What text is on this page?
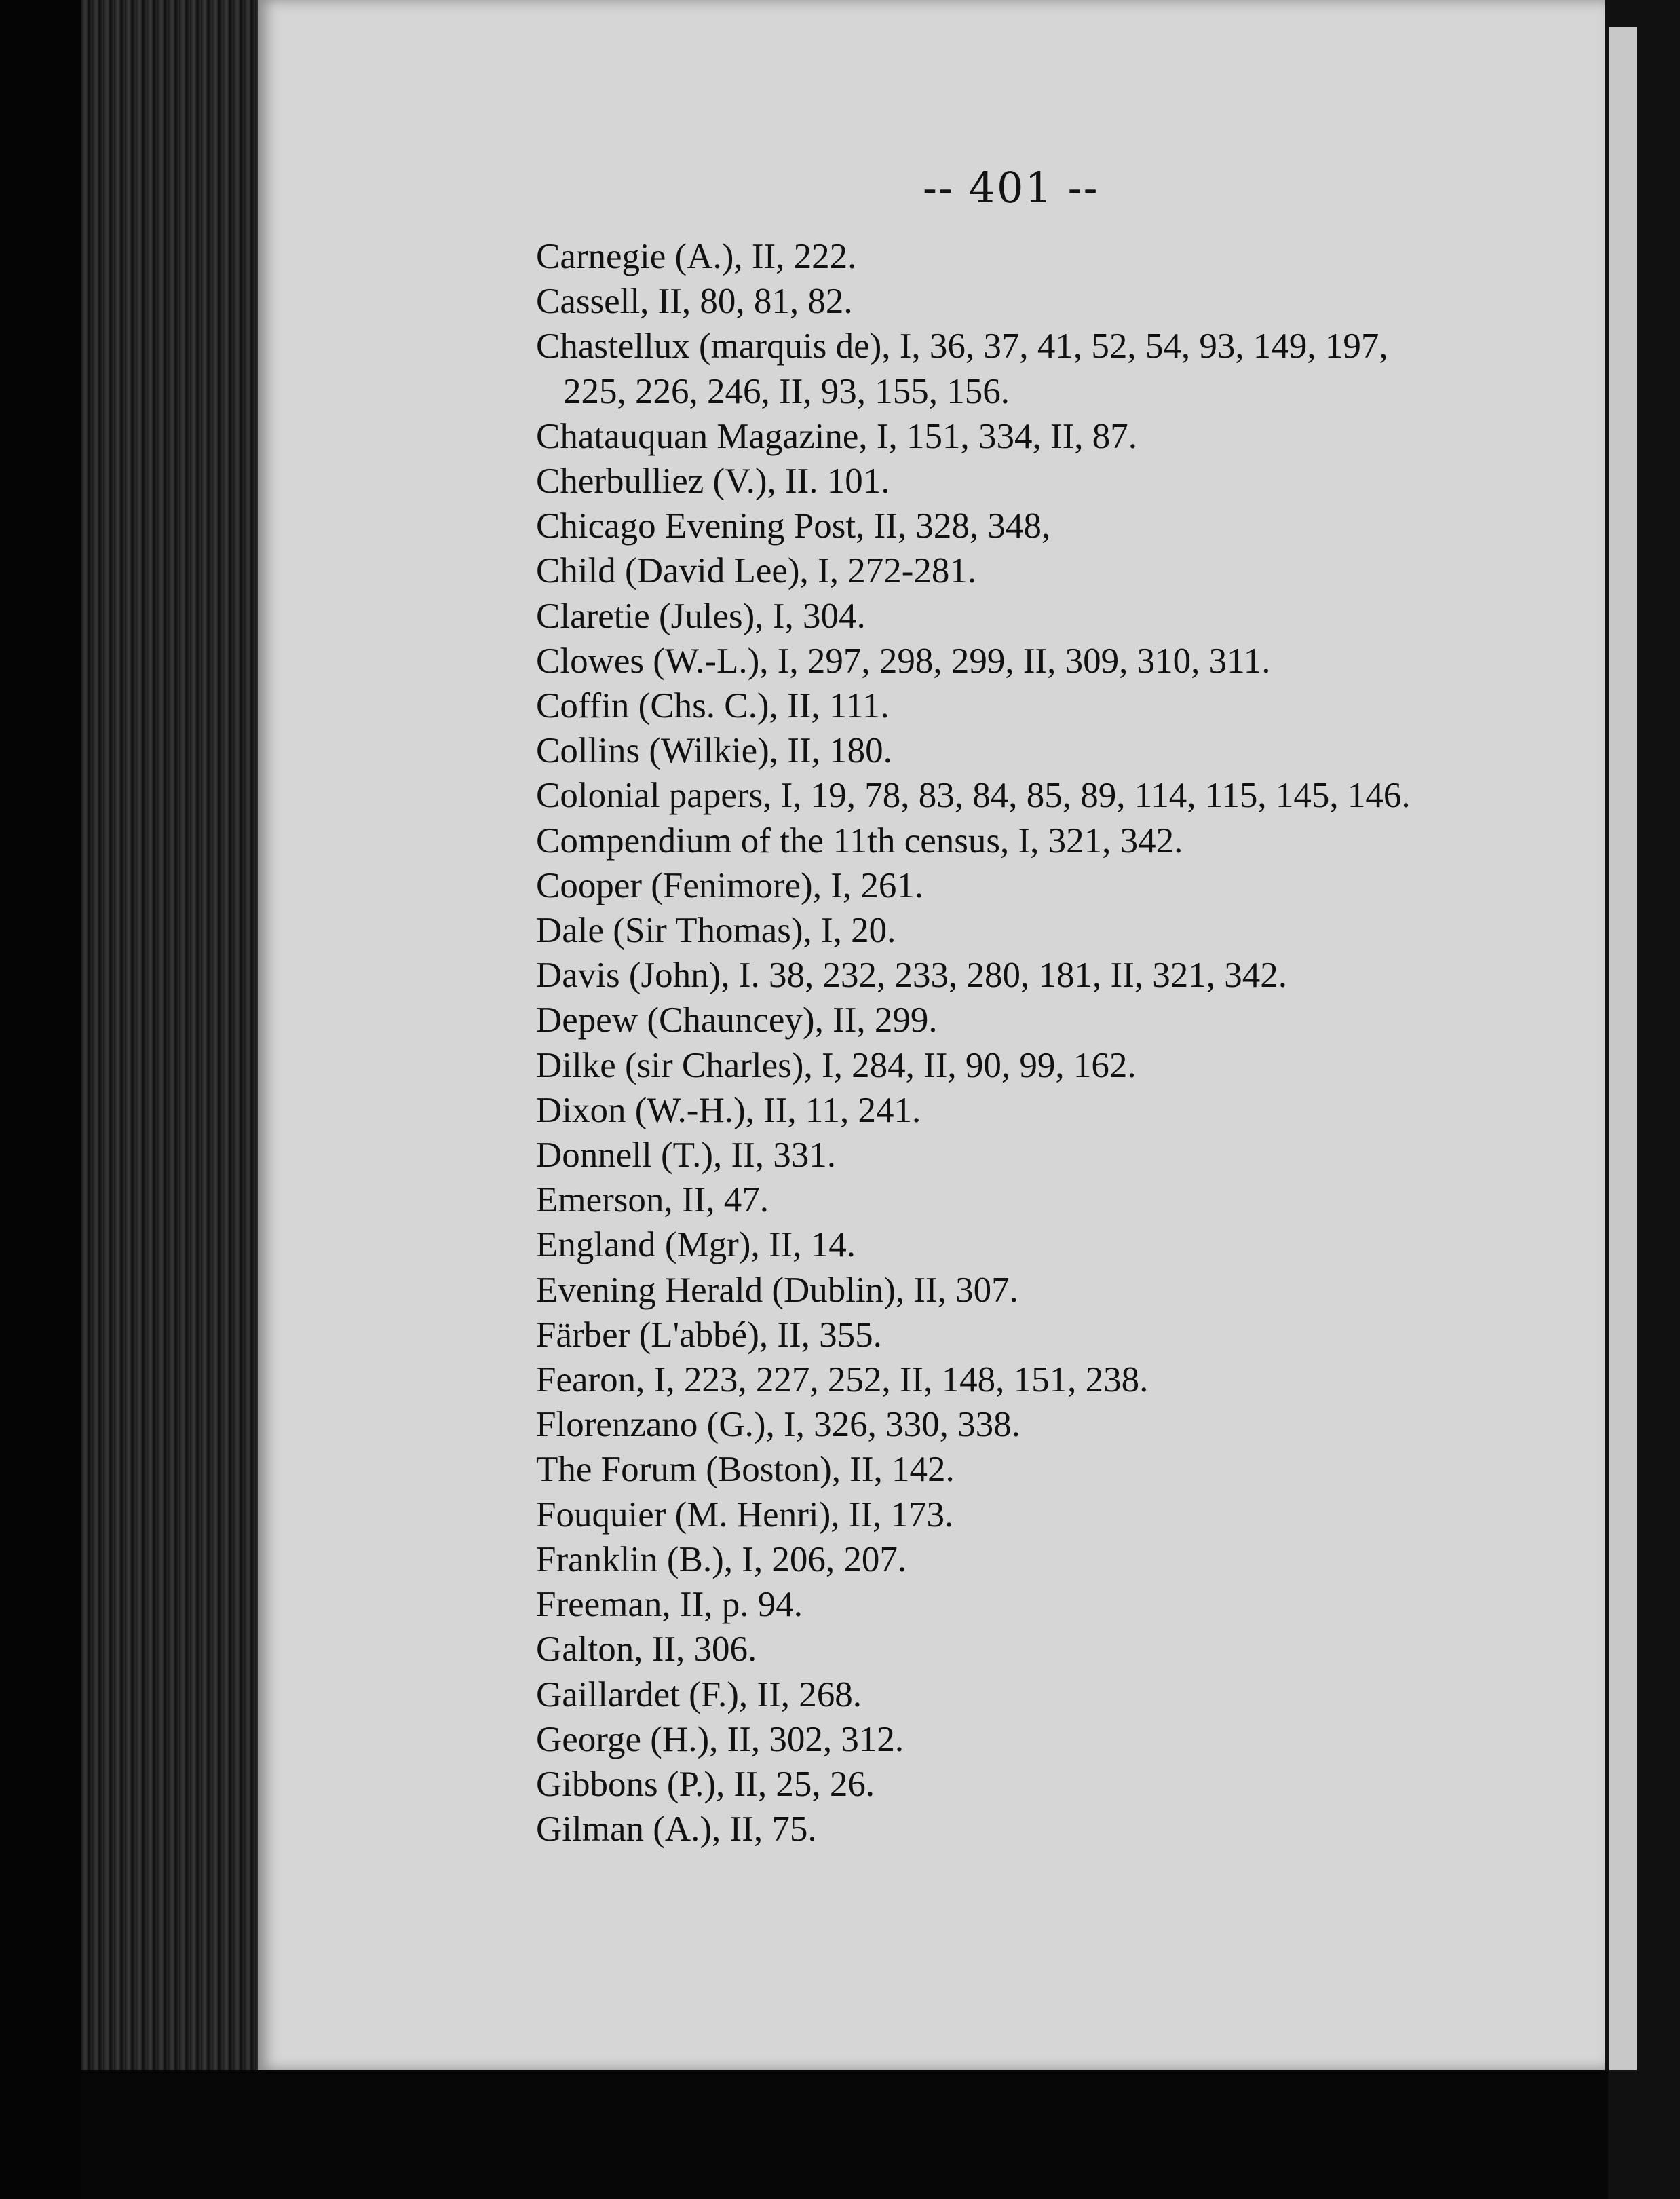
-- 401 --
Carnegie (A.), II, 222.
Cassell, II, 80, 81, 82.
Chastellux (marquis de), I, 36, 37, 41, 52, 54, 93, 149, 197,
225, 226, 246, II, 93, 155, 156.
Chatauquan Magazine, I, 151, 334, II, 87.
Cherbulliez (V.), II. 101.
Chicago Evening Post, II, 328, 348,
Child (David Lee), I, 272-281.
Claretie (Jules), I, 304.
Clowes (W.-L.), I, 297, 298, 299, II, 309, 310, 311.
Coffin (Chs. C.), II, 111.
Collins (Wilkie), II, 180.
Colonial papers, I, 19, 78, 83, 84, 85, 89, 114, 115, 145, 146.
Compendium of the 11th census, I, 321, 342.
Cooper (Fenimore), I, 261.
Dale (Sir Thomas), I, 20.
Davis (John), I. 38, 232, 233, 280, 181, II, 321, 342.
Depew (Chauncey), II, 299.
Dilke (sir Charles), I, 284, II, 90, 99, 162.
Dixon (W.-H.), II, 11, 241.
Donnell (T.), II, 331.
Emerson, II, 47.
England (Mgr), II, 14.
Evening Herald (Dublin), II, 307.
Färber (L'abbé), II, 355.
Fearon, I, 223, 227, 252, II, 148, 151, 238.
Florenzano (G.), I, 326, 330, 338.
The Forum (Boston), II, 142.
Fouquier (M. Henri), II, 173.
Franklin (B.), I, 206, 207.
Freeman, II, p. 94.
Galton, II, 306.
Gaillardet (F.), II, 268.
George (H.), II, 302, 312.
Gibbons (P.), II, 25, 26.
Gilman (A.), II, 75.
